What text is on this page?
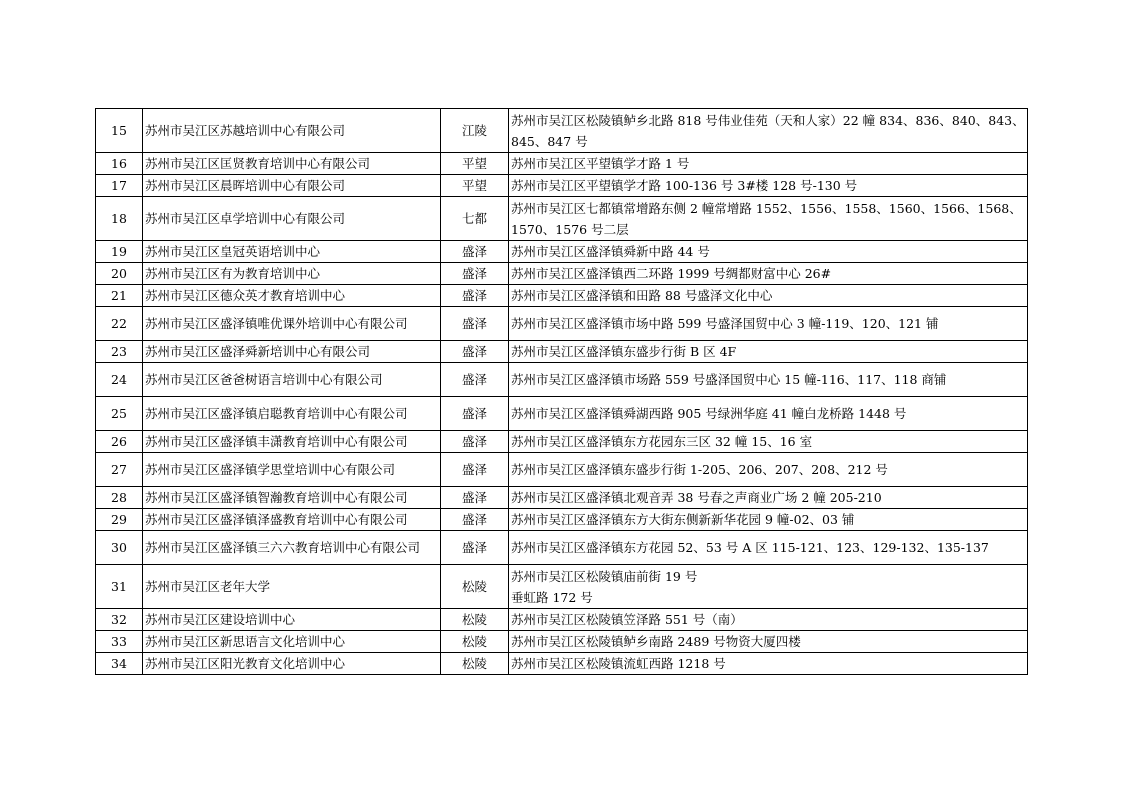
15	苏州市吴江区苏越培训中心有限公司	江陵	苏州市吴江区松陵镇鲈乡北路 818 号伟业佳苑（天和人家）22 幢 834、836、840、843、845、847 号
16	苏州市吴江区匡贤教育培训中心有限公司	平望	苏州市吴江区平望镇学才路 1 号
17	苏州市吴江区晨晖培训中心有限公司	平望	苏州市吴江区平望镇学才路 100-136 号 3#楼 128 号-130 号
18	苏州市吴江区卓学培训中心有限公司	七都	苏州市吴江区七都镇常增路东侧 2 幢常增路 1552、1556、1558、1560、1566、1568、1570、1576 号二层
19	苏州市吴江区皇冠英语培训中心	盛泽	苏州市吴江区盛泽镇舜新中路 44 号
20	苏州市吴江区有为教育培训中心	盛泽	苏州市吴江区盛泽镇西二环路 1999 号绸都财富中心 26#
21	苏州市吴江区德众英才教育培训中心	盛泽	苏州市吴江区盛泽镇和田路 88 号盛泽文化中心
22	苏州市吴江区盛泽镇唯优课外培训中心有限公司	盛泽	苏州市吴江区盛泽镇市场中路 599 号盛泽国贸中心 3 幢-119、120、121 铺
23	苏州市吴江区盛泽舜新培训中心有限公司	盛泽	苏州市吴江区盛泽镇东盛步行街 B 区 4F
24	苏州市吴江区爸爸树语言培训中心有限公司	盛泽	苏州市吴江区盛泽镇市场路 559 号盛泽国贸中心 15 幢-116、117、118 商铺
25	苏州市吴江区盛泽镇启聪教育培训中心有限公司	盛泽	苏州市吴江区盛泽镇舜湖西路 905 号绿洲华庭 41 幢白龙桥路 1448 号
26	苏州市吴江区盛泽镇丰潇教育培训中心有限公司	盛泽	苏州市吴江区盛泽镇东方花园东三区 32 幢 15、16 室
27	苏州市吴江区盛泽镇学思堂培训中心有限公司	盛泽	苏州市吴江区盛泽镇东盛步行街 1-205、206、207、208、212 号
28	苏州市吴江区盛泽镇智瀚教育培训中心有限公司	盛泽	苏州市吴江区盛泽镇北观音弄 38 号春之声商业广场 2 幢 205-210
29	苏州市吴江区盛泽镇泽盛教育培训中心有限公司	盛泽	苏州市吴江区盛泽镇东方大街东侧新新华花园 9 幢-02、03 铺
30	苏州市吴江区盛泽镇三六六教育培训中心有限公司	盛泽	苏州市吴江区盛泽镇东方花园 52、53 号 A 区 115-121、123、129-132、135-137
31	苏州市吴江区老年大学	松陵	苏州市吴江区松陵镇庙前街 19 号
垂虹路 172 号
32	苏州市吴江区建设培训中心	松陵	苏州市吴江区松陵镇笠泽路 551 号（南）
33	苏州市吴江区新思语言文化培训中心	松陵	苏州市吴江区松陵镇鲈乡南路 2489 号物资大厦四楼
34	苏州市吴江区阳光教育文化培训中心	松陵	苏州市吴江区松陵镇流虹西路 1218 号
